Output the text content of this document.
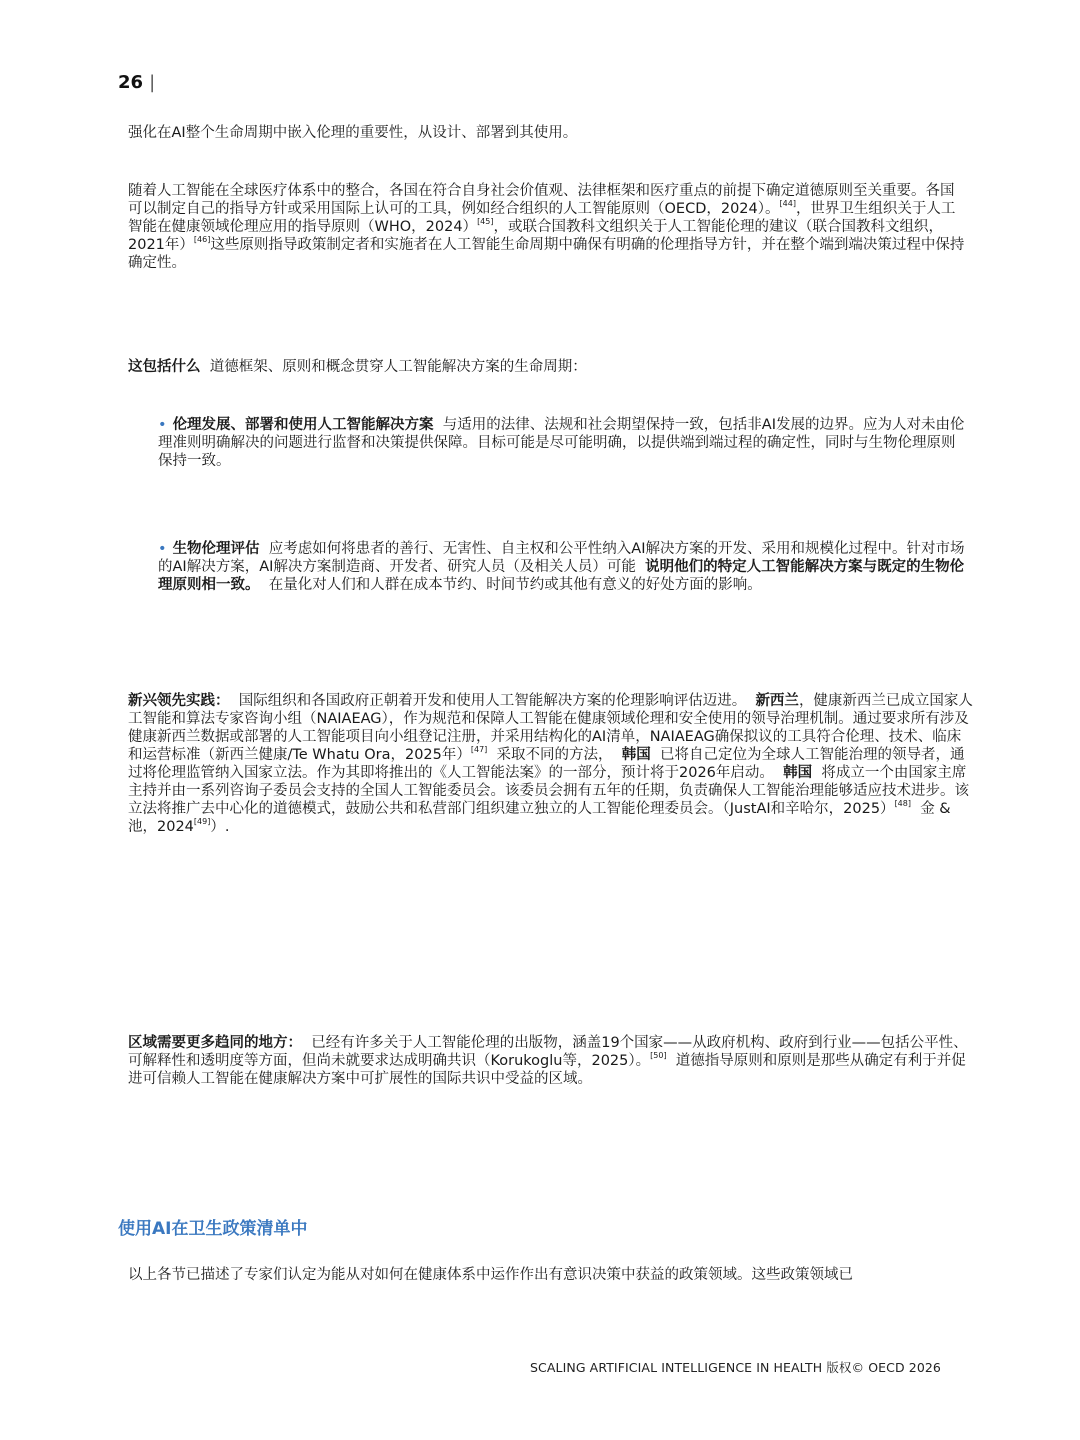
26 |
强化在AI整个生命周期中嵌入伦理的重要性，从设计、部署到其使用。
随着人工智能在全球医疗体系中的整合，各国在符合自身社会价值观、法律框架和医疗重点的前提下确定道德原则至关重要。各国可以制定自己的指导方针或采用国际上认可的工具，例如经合组织的人工智能原则（OECD，2024）。[44]，世界卫生组织关于人工智能在健康领域伦理应用的指导原则（WHO，2024）[45]，或联合国教科文组织关于人工智能伦理的建议（联合国教科文组织，2021年）[46]这些原则指导政策制定者和实施者在人工智能生命周期中确保有明确的伦理指导方针，并在整个端到端决策过程中保持确定性。
这包括什么 道德框架、原则和概念贯穿人工智能解决方案的生命周期：
• 伦理发展、部署和使用人工智能解决方案 与适用的法律、法规和社会期望保持一致，包括非AI发展的边界。应为人对未由伦理准则明确解决的问题进行监督和决策提供保障。目标可能是尽可能明确，以提供端到端过程的确定性，同时与生物伦理原则保持一致。
• 生物伦理评估 应考虑如何将患者的善行、无害性、自主权和公平性纳入AI解决方案的开发、采用和规模化过程中。针对市场的AI解决方案，AI解决方案制造商、开发者、研究人员（及相关人员）可能 说明他们的特定人工智能解决方案与既定的生物伦理原则相一致。 在量化对人们和人群在成本节约、时间节约或其他有意义的好处方面的影响。
新兴领先实践： 国际组织和各国政府正朝着开发和使用人工智能解决方案的伦理影响评估迈进。 新西兰，健康新西兰已成立国家人工智能和算法专家咨询小组（NAIAEAG），作为规范和保障人工智能在健康领域伦理和安全使用的领导治理机制。通过要求所有涉及健康新西兰数据或部署的人工智能项目向小组登记注册，并采用结构化的AI清单，NAIAEAG确保拟议的工具符合伦理、技术、临床和运营标准（新西兰健康/Te Whatu Ora，2025年）[47] 采取不同的方法， 韩国 已将自己定位为全球人工智能治理的领导者，通过将伦理监管纳入国家立法。作为其即将推出的《人工智能法案》的一部分，预计将于2026年启动。 韩国 将成立一个由国家主席主持并由一系列咨询子委员会支持的全国人工智能委员会。该委员会拥有五年的任期，负责确保人工智能治理能够适应技术进步。该立法将推广去中心化的道德模式，鼓励公共和私营部门组织建立独立的人工智能伦理委员会。（JustAI和辛哈尔，2025）[48] 金 & 池，2024[49]）.
区域需要更多趋同的地方： 已经有许多关于人工智能伦理的出版物，涵盖19个国家——从政府机构、政府到行业——包括公平性、可解释性和透明度等方面，但尚未就要求达成明确共识（Korukoglu等，2025）。[50] 道德指导原则和原则是那些从确定有利于并促进可信赖人工智能在健康解决方案中可扩展性的国际共识中受益的区域。
使用AI在卫生政策清单中
以上各节已描述了专家们认定为能从对如何在健康体系中运作作出有意识决策中获益的政策领域。这些政策领域已
SCALING ARTIFICIAL INTELLIGENCE IN HEALTH 版权© OECD 2026
